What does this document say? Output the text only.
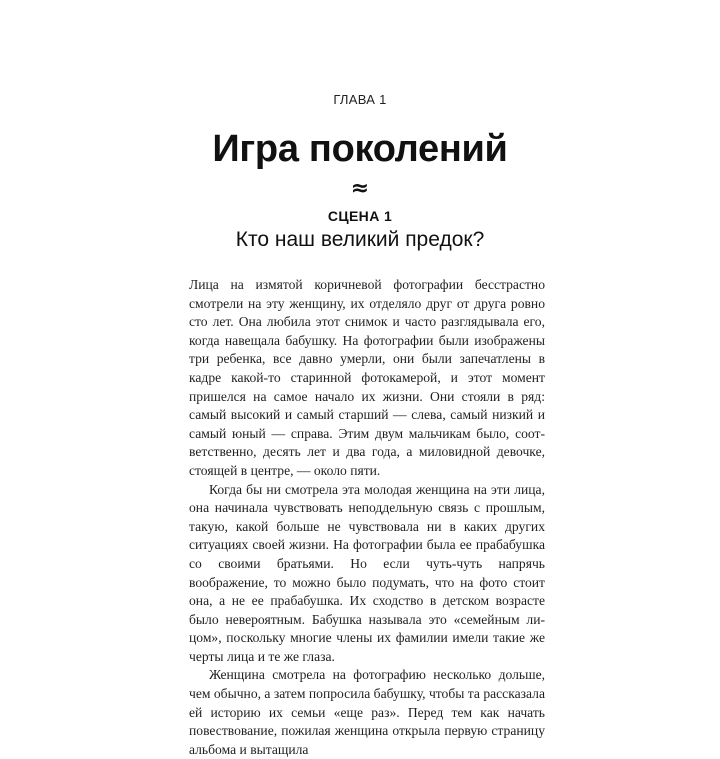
ГЛАВА 1
Игра поколений
≈
СЦЕНА 1
Кто наш великий предок?

Лица на измятой коричневой фотографии бесстрастно смотрели на эту женщину, их отделяло друг от друга ровно сто лет. Она любила этот снимок и часто разглядывала его, когда навещала бабушку. На фотографии были изображены три ребенка, все давно умерли, они были запечатлены в кадре какой-то старинной фотокамерой, и этот момент пришелся на самое начало их жизни. Они стояли в ряд: самый высокий и самый старший — слева, самый низкий и самый юный — справа. Этим двум мальчикам было, соответственно, десять лет и два года, а миловидной девочке, стоящей в центре, — около пяти.

Когда бы ни смотрела эта молодая женщина на эти лица, она начинала чувствовать неподдельную связь с прошлым, такую, какой больше не чувствовала ни в каких других ситуациях своей жизни. На фотографии была ее прабабушка со своими братьями. Но если чуть-чуть напрячь воображение, то можно было подумать, что на фото стоит она, а не ее прабабушка. Их сходство в детском возрасте было невероятным. Бабушка называла это «семейным лицом», поскольку многие члены их фамилии имели такие же черты лица и те же глаза.

Женщина смотрела на фотографию несколько дольше, чем обычно, а затем попросила бабушку, чтобы та рассказала ей историю их семьи «еще раз». Перед тем как начать повествование, пожилая женщина открыла первую страницу альбома и вытащила
